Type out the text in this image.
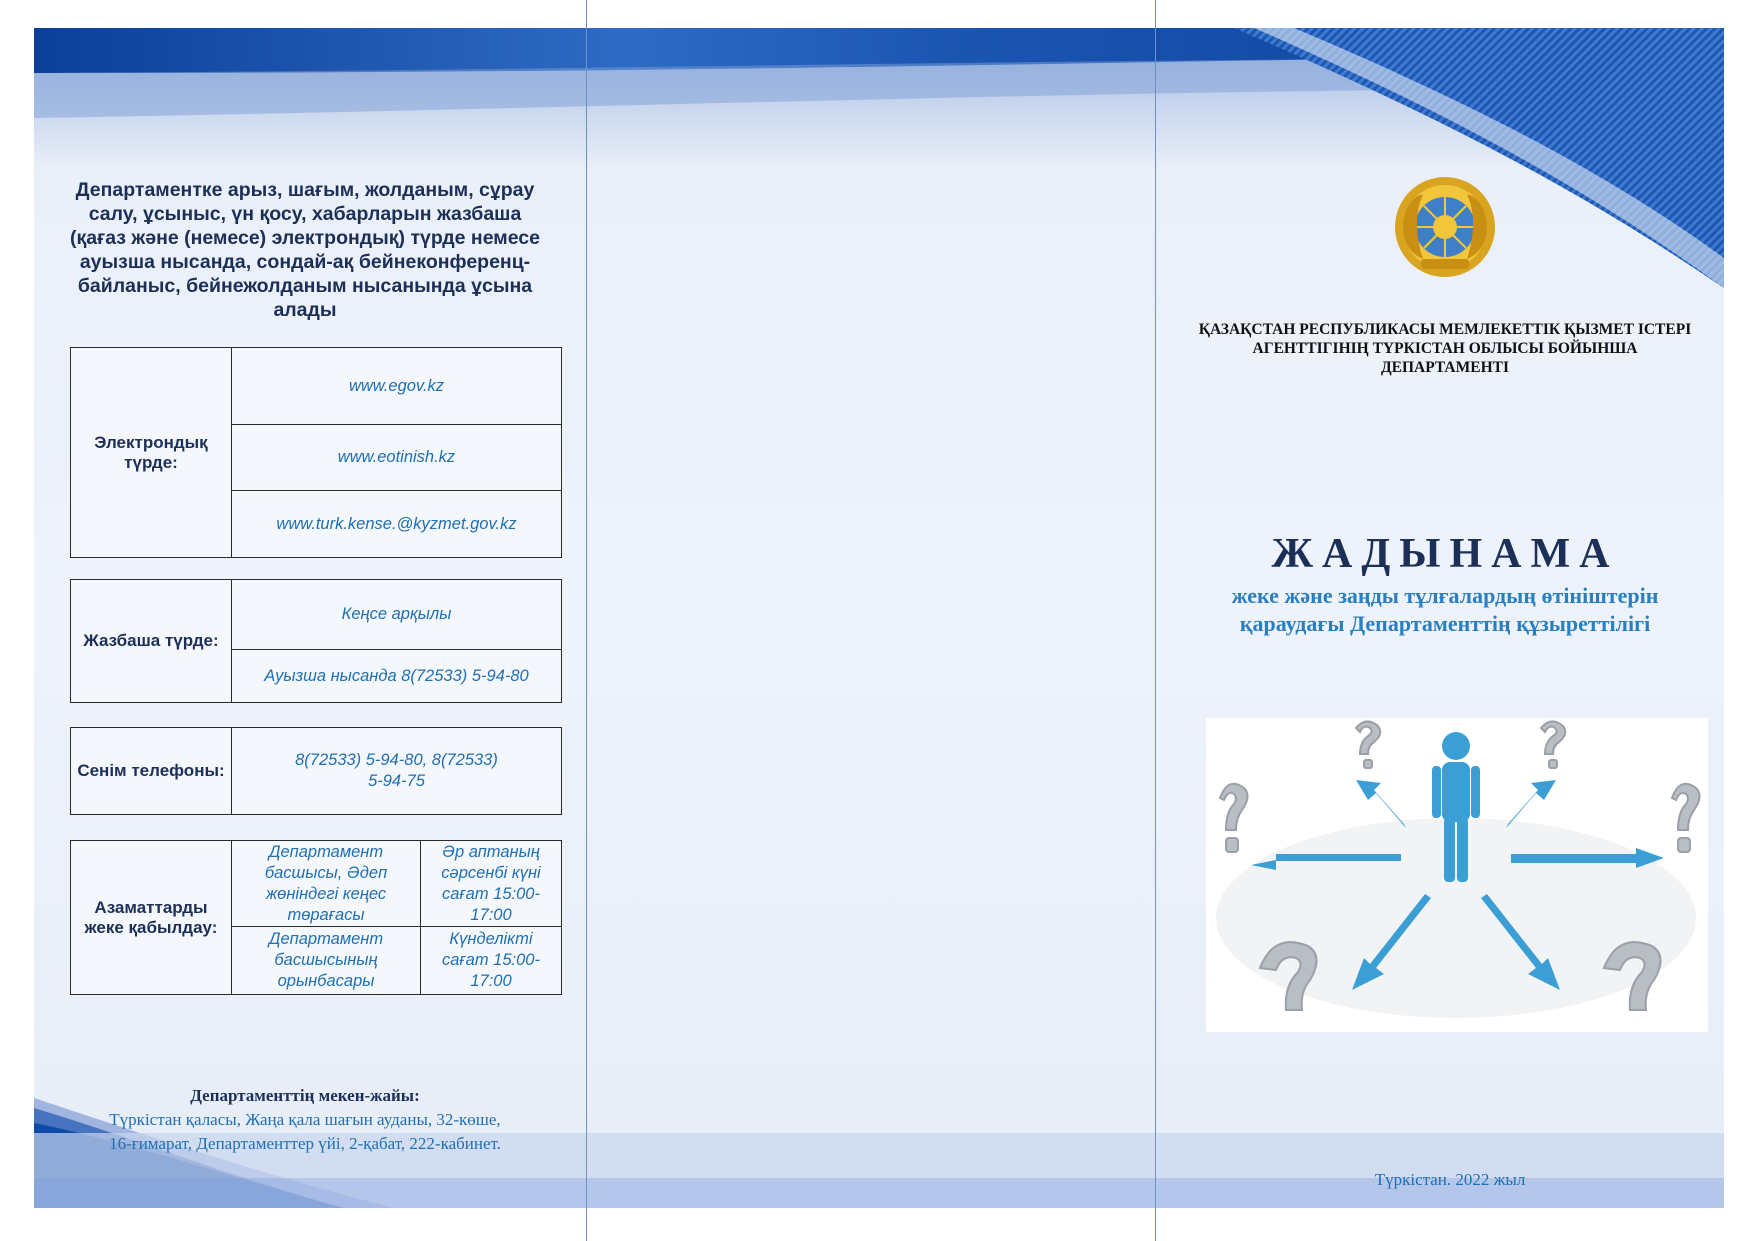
Департаментке арыз, шағым, жолданым, сұрау салу, ұсыныс, үн қосу, хабарларын жазбаша (қағаз және (немесе) электрондық) түрде немесе ауызша нысанда, сондай-ақ бейнеконференц-байланыс, бейнежолданым нысанында ұсына алады
Электрондық түрде:	www.egov.kz
www.eotinish.kz
www.turk.kense.@kyzmet.gov.kz
Жазбаша түрде:	Кеңсе арқылы
Ауызша нысанда 8(72533) 5-94-80
Сенім телефоны:	8(72533) 5-94-80, 8(72533) 5-94-75
Азаматтарды жеке қабылдау:	Департамент басшысы, Әдеп жөніндегі кеңес төрағасы	Әр аптаның сәрсенбі күні сағат 15:00-17:00
	Департамент басшысының орынбасары	Күнделікті сағат 15:00-17:00
Департаменттің мекен-жайы:
Түркістан қаласы, Жаңа қала шағын ауданы, 32-көше,
16-ғимарат, Департаменттер үйі, 2-қабат, 222-кабинет.
ҚАЗАҚСТАН РЕСПУБЛИКАСЫ МЕМЛЕКЕТТІК ҚЫЗМЕТ ІСТЕРІ АГЕНТТІГІНІҢ ТҮРКІСТАН ОБЛЫСЫ БОЙЫНША ДЕПАРТАМЕНТІ
ЖАДЫНАМА
жеке және заңды тұлғалардың өтініштерін қараудағы Департаменттің құзыреттілігі
Түркістан. 2022 жыл
